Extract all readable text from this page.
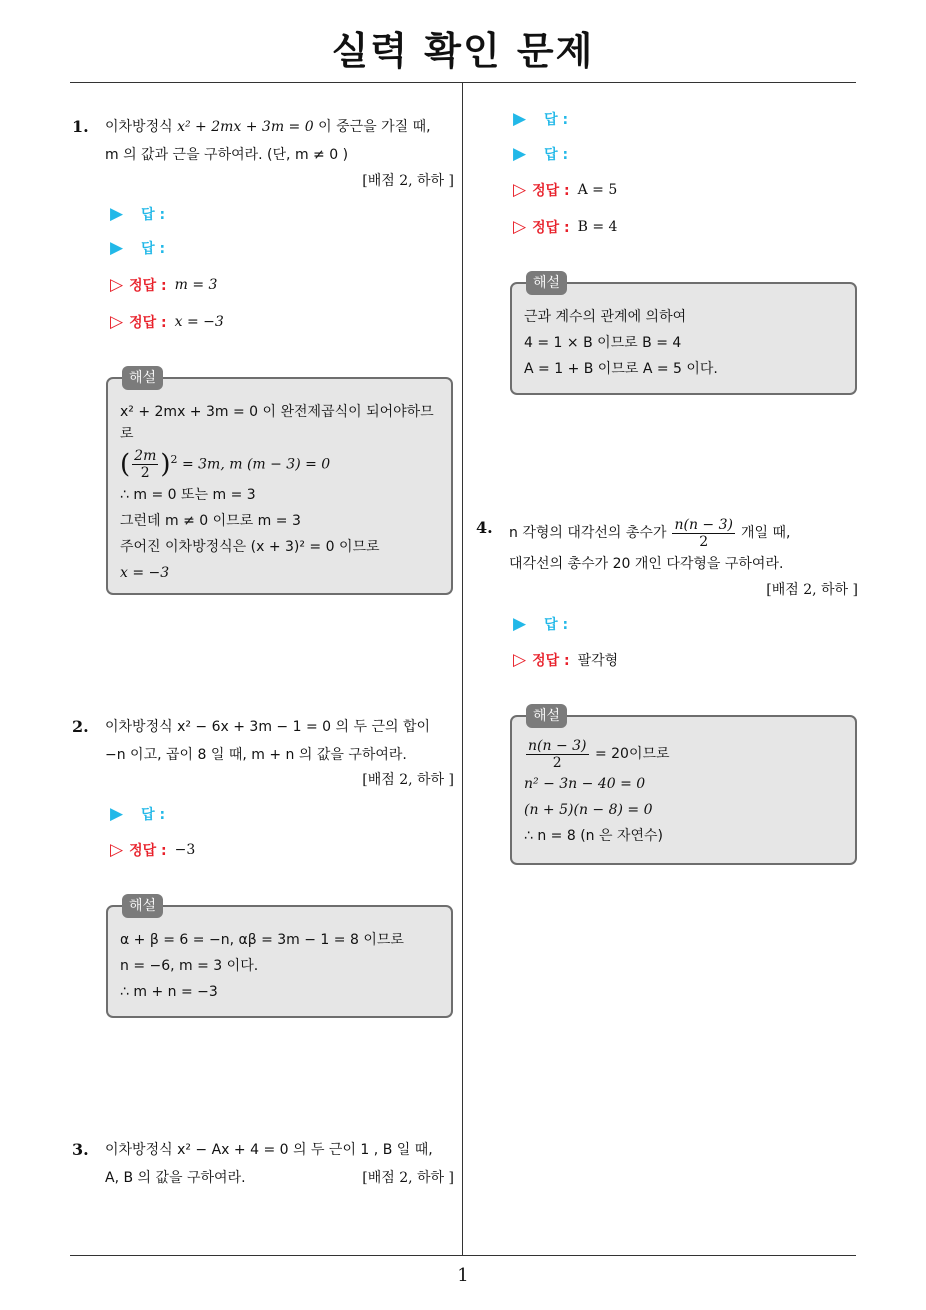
실력 확인 문제
1
1. 이차방정식 x² + 2mx + 3m = 0 이 중근을 가질 때,
m 의 값과 근을 구하여라. (단, m ≠ 0 )
[배점 2, 하하 ]
▶ 답 :
▶ 답 :
▷ 정답 : m = 3
▷ 정답 : x = −3
해설
x² + 2mx + 3m = 0 이 완전제곱식이 되어야하므
로
( $\frac{2m}{2} )^2 = 3m$, m (m − 3) = 0
∴ m = 0 또는 m = 3
그런데 m ≠ 0 이므로 m = 3
주어진 이차방정식은 (x + 3)² = 0 이므로
x = −3
2. 이차방정식 x² − 6x + 3m − 1 = 0 의 두 근의 합이
−n 이고, 곱이 8 일 때, m + n 의 값을 구하여라.
[배점 2, 하하 ]
▶ 답 :
▷ 정답 : −3
해설
α + β = 6 = −n, αβ = 3m − 1 = 8 이므로
n = −6, m = 3 이다.
∴ m + n = −3
3. 이차방정식 x² − Ax + 4 = 0 의 두 근이 1 , B 일 때,
A, B 의 값을 구하여라.	[배점 2, 하하 ]
▶ 답 :
▶ 답 :
▷ 정답 : A = 5
▷ 정답 : B = 4
해설
근과 계수의 관계에 의하여
4 = 1 × B 이므로 B = 4
A = 1 + B 이므로 A = 5 이다.
4. n 각형의 대각선의 총수가 $\frac{n(n - 3)}{2}$ 개일 때,
대각선의 총수가 20 개인 다각형을 구하여라.
[배점 2, 하하 ]
▶ 답 :
▷ 정답 : 팔각형
해설
$\frac{n(n - 3)}{2} = 20$이므로
n² − 3n − 40 = 0
(n + 5)(n − 8) = 0
∴ n = 8 (n 은 자연수)
